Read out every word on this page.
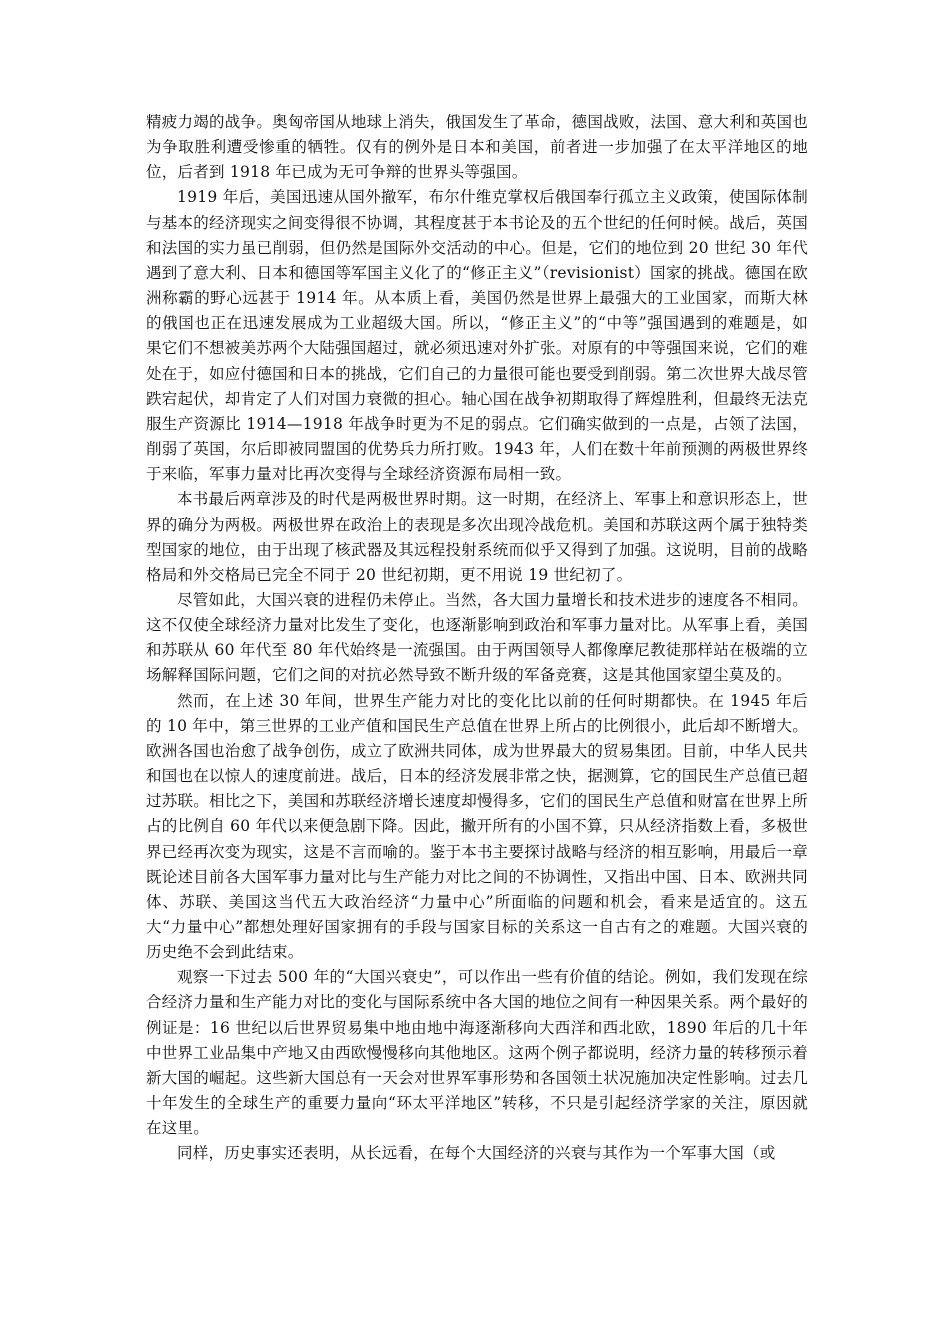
精疲力竭的战争。奥匈帝国从地球上消失，俄国发生了革命，德国战败，法国、意大利和英国也为争取胜利遭受惨重的牺牲。仅有的例外是日本和美国，前者进一步加强了在太平洋地区的地位，后者到 1918 年已成为无可争辩的世界头等强国。

1919 年后，美国迅速从国外撤军，布尔什维克掌权后俄国奉行孤立主义政策，使国际体制与基本的经济现实之间变得很不协调，其程度甚于本书论及的五个世纪的任何时候。战后，英国和法国的实力虽已削弱，但仍然是国际外交活动的中心。但是，它们的地位到 20 世纪 30 年代遇到了意大利、日本和德国等军国主义化了的“修正主义”（revisionist）国家的挑战。德国在欧洲称霸的野心远甚于 1914 年。从本质上看，美国仍然是世界上最强大的工业国家，而斯大林的俄国也正在迅速发展成为工业超级大国。所以，“修正主义”的“中等”强国遇到的难题是，如果它们不想被美苏两个大陆强国超过，就必须迅速对外扩张。对原有的中等强国来说，它们的难处在于，如应付德国和日本的挑战，它们自己的力量很可能也要受到削弱。第二次世界大战尽管跌宕起伏，却肯定了人们对国力衰微的担心。轴心国在战争初期取得了辉煌胜利，但最终无法克服生产资源比 1914—1918 年战争时更为不足的弱点。它们确实做到的一点是，占领了法国，削弱了英国，尔后即被同盟国的优势兵力所打败。1943 年，人们在数十年前预测的两极世界终于来临，军事力量对比再次变得与全球经济资源布局相一致。

本书最后两章涉及的时代是两极世界时期。这一时期，在经济上、军事上和意识形态上，世界的确分为两极。两极世界在政治上的表现是多次出现冷战危机。美国和苏联这两个属于独特类型国家的地位，由于出现了核武器及其远程投射系统而似乎又得到了加强。这说明，目前的战略格局和外交格局已完全不同于 20 世纪初期，更不用说 19 世纪初了。

尽管如此，大国兴衰的进程仍未停止。当然，各大国力量增长和技术进步的速度各不相同。这不仅使全球经济力量对比发生了变化，也逐渐影响到政治和军事力量对比。从军事上看，美国和苏联从 60 年代至 80 年代始终是一流强国。由于两国领导人都像摩尼教徒那样站在极端的立场解释国际问题，它们之间的对抗必然导致不断升级的军备竞赛，这是其他国家望尘莫及的。

然而，在上述 30 年间，世界生产能力对比的变化比以前的任何时期都快。在 1945 年后的 10 年中，第三世界的工业产值和国民生产总值在世界上所占的比例很小，此后却不断增大。欧洲各国也治愈了战争创伤，成立了欧洲共同体，成为世界最大的贸易集团。目前，中华人民共和国也在以惊人的速度前进。战后，日本的经济发展非常之快，据测算，它的国民生产总值已超过苏联。相比之下，美国和苏联经济增长速度却慢得多，它们的国民生产总值和财富在世界上所占的比例自 60 年代以来便急剧下降。因此，撇开所有的小国不算，只从经济指数上看，多极世界已经再次变为现实，这是不言而喻的。鉴于本书主要探讨战略与经济的相互影响，用最后一章既论述目前各大国军事力量对比与生产能力对比之间的不协调性，又指出中国、日本、欧洲共同体、苏联、美国这当代五大政治经济“力量中心”所面临的问题和机会，看来是适宜的。这五大“力量中心”都想处理好国家拥有的手段与国家目标的关系这一自古有之的难题。大国兴衰的历史绝不会到此结束。

观察一下过去 500 年的“大国兴衰史”，可以作出一些有价值的结论。例如，我们发现在综合经济力量和生产能力对比的变化与国际系统中各大国的地位之间有一种因果关系。两个最好的例证是：16 世纪以后世界贸易集中地由地中海逐渐移向大西洋和西北欧，1890 年后的几十年中世界工业品集中产地又由西欧慢慢移向其他地区。这两个例子都说明，经济力量的转移预示着新大国的崛起。这些新大国总有一天会对世界军事形势和各国领土状况施加决定性影响。过去几十年发生的全球生产的重要力量向“环太平洋地区”转移，不只是引起经济学家的关注，原因就在这里。

同样，历史事实还表明，从长远看，在每个大国经济的兴衰与其作为一个军事大国（或
